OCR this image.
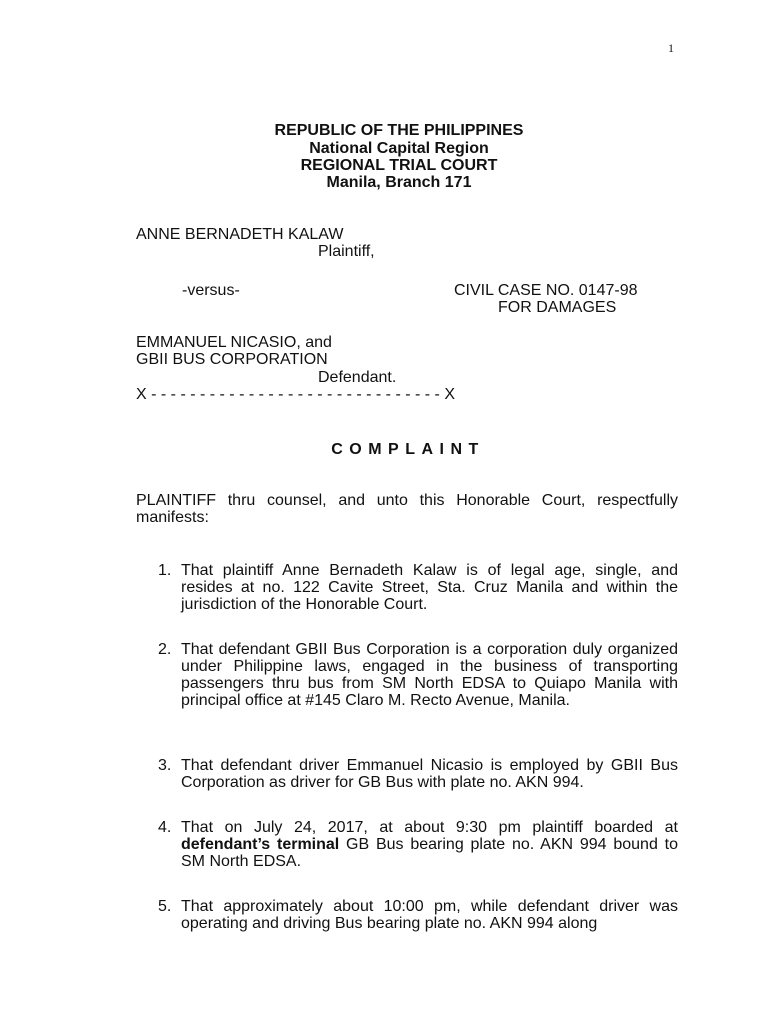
1
REPUBLIC OF THE PHILIPPINES
National Capital Region
REGIONAL TRIAL COURT
Manila, Branch 171
ANNE BERNADETH KALAW
Plaintiff,
-versus-	CIVIL CASE NO. 0147-98
FOR DAMAGES
EMMANUEL NICASIO, and
GBII BUS CORPORATION
Defendant.
X - - - - - - - - - - - - - - - - - - - - - - - - - - - - - - X
COMPLAINT
PLAINTIFF thru counsel, and unto this Honorable Court, respectfully manifests:
1. That plaintiff Anne Bernadeth Kalaw is of legal age, single, and resides at no. 122 Cavite Street, Sta. Cruz Manila and within the jurisdiction of the Honorable Court.
2. That defendant GBII Bus Corporation is a corporation duly organized under Philippine laws, engaged in the business of transporting passengers thru bus from SM North EDSA to Quiapo Manila with principal office at #145 Claro M. Recto Avenue, Manila.
3. That defendant driver Emmanuel Nicasio is employed by GBII Bus Corporation as driver for GB Bus with plate no. AKN 994.
4. That on July 24, 2017, at about 9:30 pm plaintiff boarded at defendant’s terminal GB Bus bearing plate no. AKN 994 bound to SM North EDSA.
5. That approximately about 10:00 pm, while defendant driver was operating and driving Bus bearing plate no. AKN 994 along
